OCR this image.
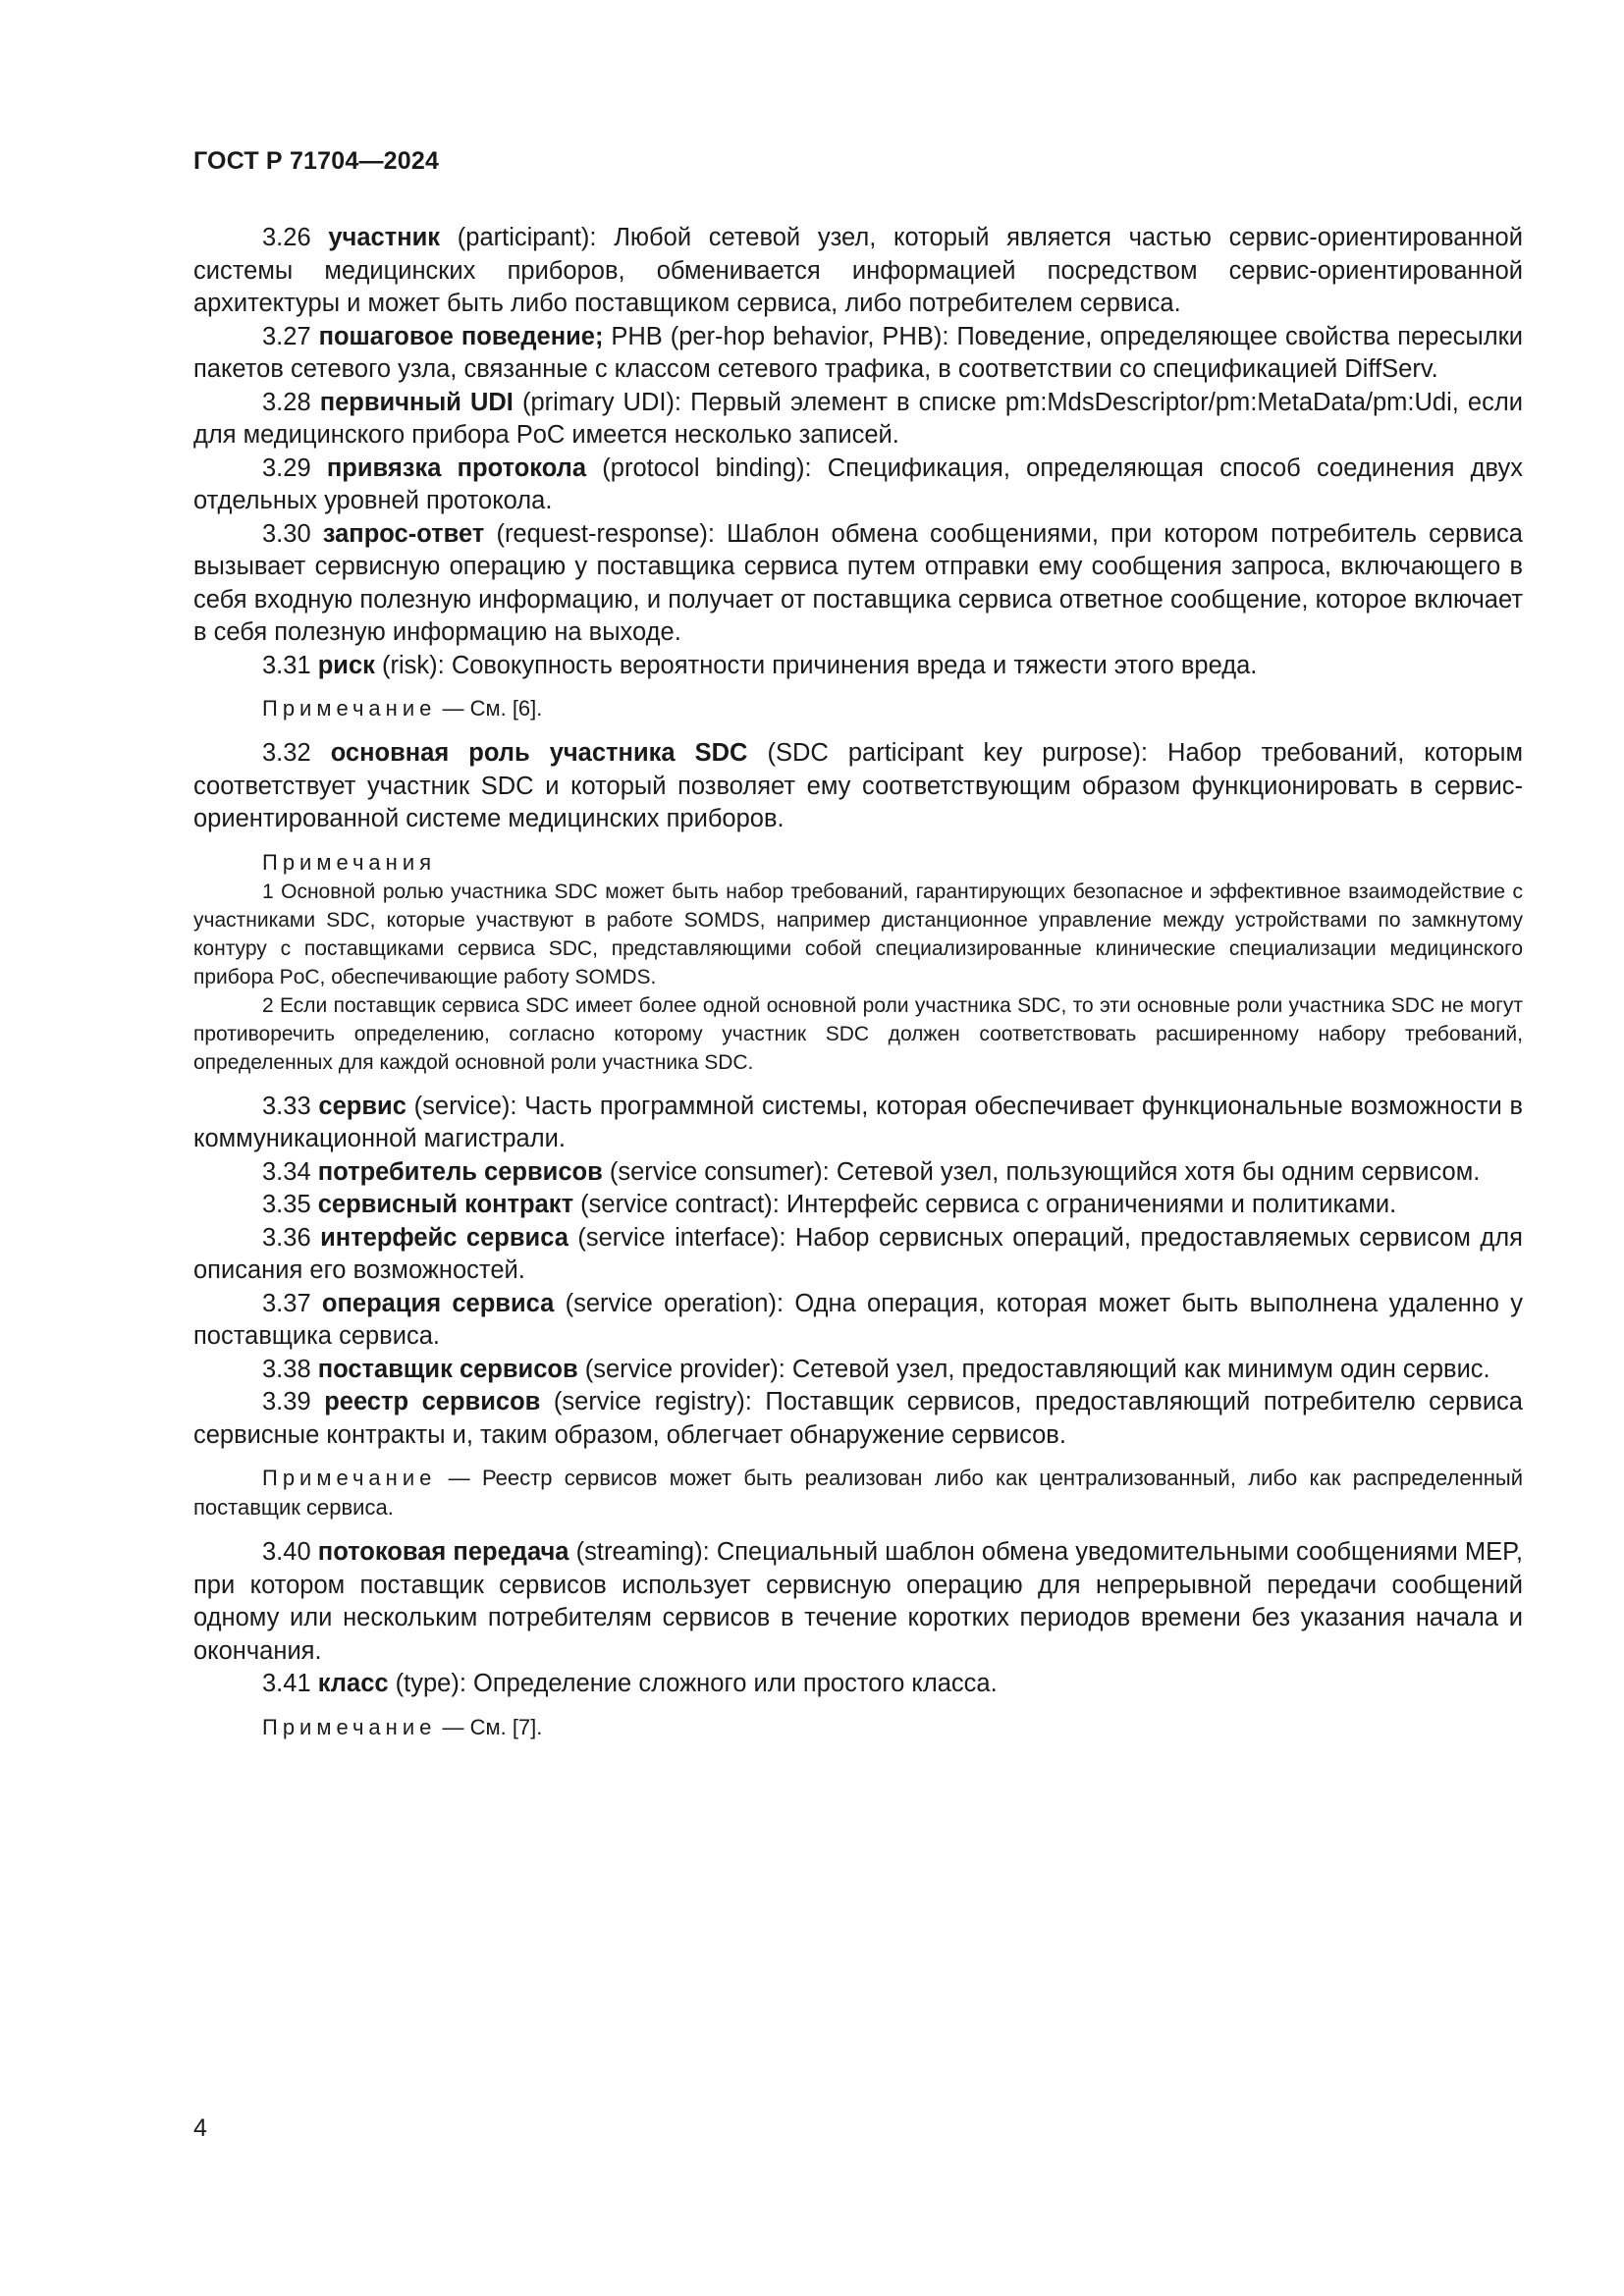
ГОСТ Р 71704—2024

3.26 участник (participant): Любой сетевой узел, который является частью сервис-ориентированной системы медицинских приборов, обменивается информацией посредством сервис-ориентированной архитектуры и может быть либо поставщиком сервиса, либо потребителем сервиса.

3.27 пошаговое поведение; PHB (per-hop behavior, PHB): Поведение, определяющее свойства пересылки пакетов сетевого узла, связанные с классом сетевого трафика, в соответствии со спецификацией DiffServ.

3.28 первичный UDI (primary UDI): Первый элемент в списке pm:MdsDescriptor/pm:MetaData/pm:Udi, если для медицинского прибора PoC имеется несколько записей.

3.29 привязка протокола (protocol binding): Спецификация, определяющая способ соединения двух отдельных уровней протокола.

3.30 запрос-ответ (request-response): Шаблон обмена сообщениями, при котором потребитель сервиса вызывает сервисную операцию у поставщика сервиса путем отправки ему сообщения запроса, включающего в себя входную полезную информацию, и получает от поставщика сервиса ответное сообщение, которое включает в себя полезную информацию на выходе.

3.31 риск (risk): Совокупность вероятности причинения вреда и тяжести этого вреда.

Примечание — См. [6].

3.32 основная роль участника SDC (SDC participant key purpose): Набор требований, которым соответствует участник SDC и который позволяет ему соответствующим образом функционировать в сервис-ориентированной системе медицинских приборов.

Примечания

1 Основной ролью участника SDC может быть набор требований, гарантирующих безопасное и эффективное взаимодействие с участниками SDC, которые участвуют в работе SOMDS, например дистанционное управление между устройствами по замкнутому контуру с поставщиками сервиса SDC, представляющими собой специализированные клинические специализации медицинского прибора PoC, обеспечивающие работу SOMDS.

2 Если поставщик сервиса SDC имеет более одной основной роли участника SDC, то эти основные роли участника SDC не могут противоречить определению, согласно которому участник SDC должен соответствовать расширенному набору требований, определенных для каждой основной роли участника SDC.

3.33 сервис (service): Часть программной системы, которая обеспечивает функциональные возможности в коммуникационной магистрали.

3.34 потребитель сервисов (service consumer): Сетевой узел, пользующийся хотя бы одним сервисом.

3.35 сервисный контракт (service contract): Интерфейс сервиса с ограничениями и политиками.

3.36 интерфейс сервиса (service interface): Набор сервисных операций, предоставляемых сервисом для описания его возможностей.

3.37 операция сервиса (service operation): Одна операция, которая может быть выполнена удаленно у поставщика сервиса.

3.38 поставщик сервисов (service provider): Сетевой узел, предоставляющий как минимум один сервис.

3.39 реестр сервисов (service registry): Поставщик сервисов, предоставляющий потребителю сервиса сервисные контракты и, таким образом, облегчает обнаружение сервисов.

Примечание — Реестр сервисов может быть реализован либо как централизованный, либо как распределенный поставщик сервиса.

3.40 потоковая передача (streaming): Специальный шаблон обмена уведомительными сообщениями MEP, при котором поставщик сервисов использует сервисную операцию для непрерывной передачи сообщений одному или нескольким потребителям сервисов в течение коротких периодов времени без указания начала и окончания.

3.41 класс (type): Определение сложного или простого класса.

Примечание — См. [7].

4
